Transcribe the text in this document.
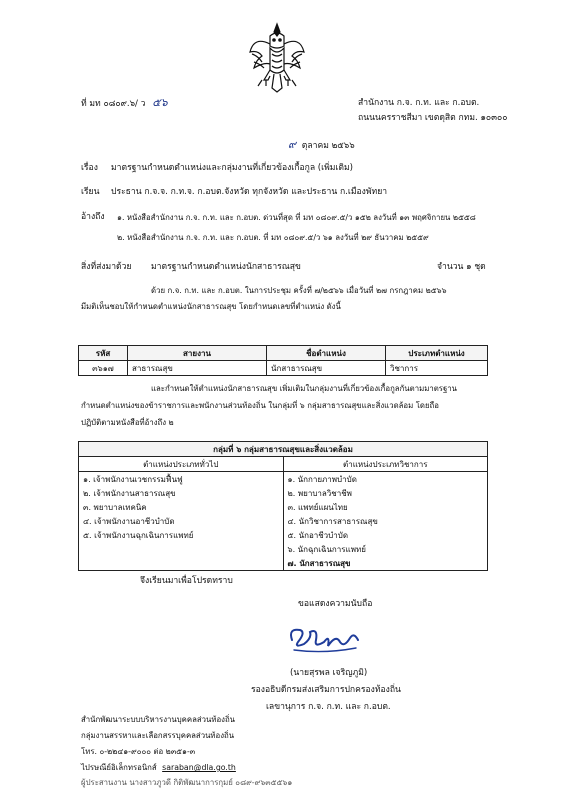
ที่ มท ๐๘๐๙.๖/ ว ๕๖	สำนักงาน ก.จ. ก.ท. และ ก.อบต.
ถนนนครราชสีมา เขตดุสิต กทม. ๑๐๓๐๐
๙ ตุลาคม ๒๕๖๖
เรื่อง มาตรฐานกำหนดตำแหน่งและกลุ่มงานที่เกี่ยวข้องเกื้อกูล (เพิ่มเติม)
เรียน ประธาน ก.จ.จ. ก.ท.จ. ก.อบต.จังหวัด ทุกจังหวัด และประธาน ก.เมืองพัทยา
อ้างถึง ๑. หนังสือสำนักงาน ก.จ. ก.ท. และ ก.อบต. ด่วนที่สุด ที่ มท ๐๘๐๙.๕/ว ๑๕๒ ลงวันที่ ๑๓ พฤศจิกายน ๒๕๕๘
๒. หนังสือสำนักงาน ก.จ. ก.ท. และ ก.อบต. ที่ มท ๐๘๐๙.๕/ว ๖๑ ลงวันที่ ๒๙ ธันวาคม ๒๕๕๙
สิ่งที่ส่งมาด้วย มาตรฐานกำหนดตำแหน่งนักสาธารณสุข	จำนวน ๑ ชุด
ด้วย ก.จ. ก.ท. และ ก.อบต. ในการประชุม ครั้งที่ ๗/๒๕๖๖ เมื่อวันที่ ๒๗ กรกฎาคม ๒๕๖๖
มีมติเห็นชอบให้กำหนดตำแหน่งนักสาธารณสุข โดยกำหนดเลขที่ตำแหน่ง ดังนี้
รหัส	สายงาน	ชื่อตำแหน่ง	ประเภทตำแหน่ง
๓๖๑๗	สาธารณสุข	นักสาธารณสุข	วิชาการ
และกำหนดให้ตำแหน่งนักสาธารณสุข เพิ่มเติมในกลุ่มงานที่เกี่ยวข้องเกื้อกูลกันตามมาตรฐาน
กำหนดตำแหน่งของข้าราชการและพนักงานส่วนท้องถิ่น ในกลุ่มที่ ๖ กลุ่มสาธารณสุขและสิ่งแวดล้อม โดยถือ
ปฏิบัติตามหนังสือที่อ้างถึง ๒
กลุ่มที่ ๖ กลุ่มสาธารณสุขและสิ่งแวดล้อม	
ตำแหน่งประเภททั่วไป	ตำแหน่งประเภทวิชาการ
๑. เจ้าพนักงานเวชกรรมฟื้นฟู	๑. นักกายภาพบำบัด
๒. เจ้าพนักงานสาธารณสุข	๒. พยาบาลวิชาชีพ
๓. พยาบาลเทคนิค	๓. แพทย์แผนไทย
๔. เจ้าพนักงานอาชีวบำบัด	๔. นักวิชาการสาธารณสุข
๕. เจ้าพนักงานฉุกเฉินการแพทย์	๕. นักอาชีวบำบัด
	๖. นักฉุกเฉินการแพทย์
	๗. นักสาธารณสุข
จึงเรียนมาเพื่อโปรดทราบ
ขอแสดงความนับถือ
(นายสุรพล เจริญภูมิ)
รองอธิบดีกรมส่งเสริมการปกครองท้องถิ่น
เลขานุการ ก.จ. ก.ท. และ ก.อบต.
สำนักพัฒนาระบบบริหารงานบุคคลส่วนท้องถิ่น
กลุ่มงานสรรหาและเลือกสรรบุคคลส่วนท้องถิ่น
โทร. ๐-๒๒๔๑-๙๐๐๐ ต่อ ๒๓๕๑-๓
ไปรษณีย์อิเล็กทรอนิกส์ saraban@dla.go.th
ผู้ประสานงาน นางสาวภูวดี กิติพัฒนาการกุมย์ ๐๘๙-๙๖๓๕๕๖๑
